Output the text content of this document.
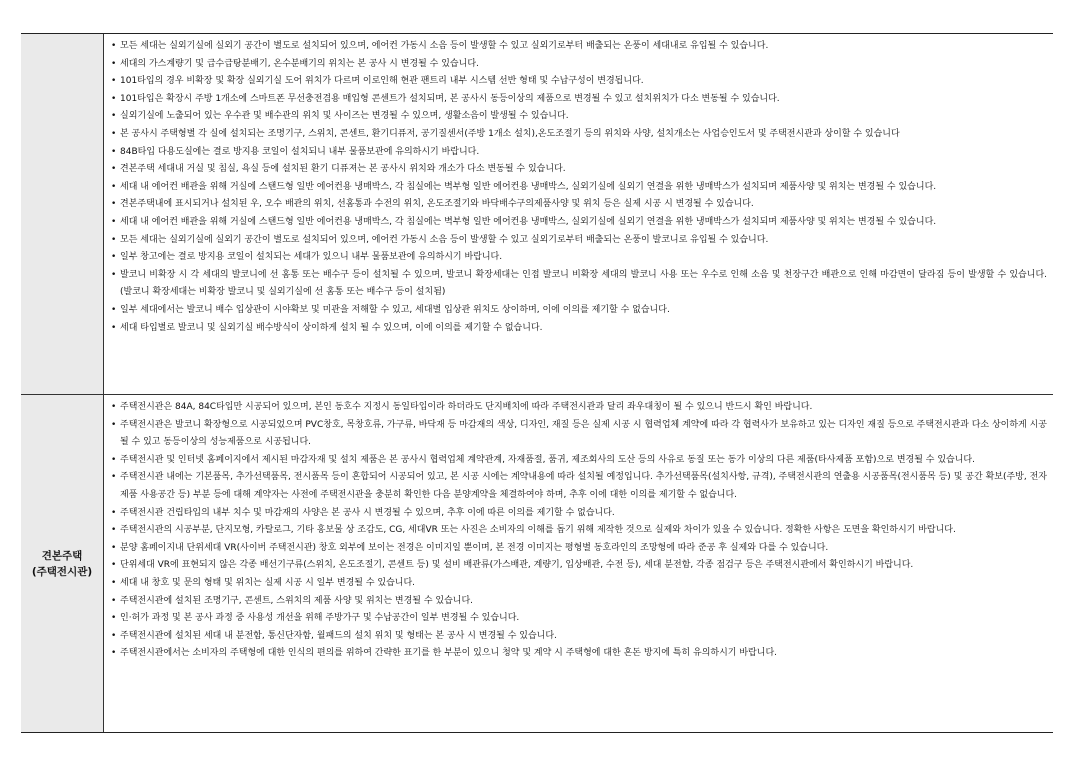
• 모든 세대는 실외기실에 실외기 공간이 별도로 설치되어 있으며, 에어컨 가동시 소음 등이 발생할 수 있고 실외기로부터 배출되는 온풍이 세대내로 유입될 수 있습니다.
• 세대의 가스계량기 및 급수급탕분배기, 온수분배기의 위치는 본 공사 시 변경될 수 있습니다.
• 101타입의 경우 비확장 및 확장 실외기실 도어 위치가 다르며 이로인해 현관 팬트리 내부 시스템 선반 형태 및 수납구성이 변경됩니다.
• 101타입은 확장시 주방 1개소에 스마트폰 무선충전겸용 매입형 콘센트가 설치되며, 본 공사시 동등이상의 제품으로 변경될 수 있고 설치위치가 다소 변동될 수 있습니다.
• 실외기실에 노출되어 있는 우수관 및 배수관의 위치 및 사이즈는 변경될 수 있으며, 생활소음이 발생될 수 있습니다.
• 본 공사시 주택형별 각 실에 설치되는 조명기구, 스위치, 콘센트, 환기디퓨저, 공기질센서(주방 1개소 설치),온도조절기 등의 위치와 사양, 설치개소는 사업승인도서 및 주택전시관과 상이할 수 있습니다
• 84B타입 다용도실에는 결로 방지용 코일이 설치되니 내부 물품보관에 유의하시기 바랍니다.
• 견본주택 세대내 거실 및 침실, 욕실 등에 설치된 환기 디퓨져는 본 공사시 위치와 개소가 다소 변동될 수 있습니다.
• 세대 내 에어컨 배관을 위해 거실에 스탠드형 일반 에어컨용 냉매박스, 각 침실에는 벽부형 일반 에어컨용 냉매박스, 실외기실에 실외기 연결을 위한 냉매박스가 설치되며 제품사양 및 위치는 변경될 수 있습니다.
• 견본주택내에 표시되거나 설치된 우, 오수 배관의 위치, 선홈통과 수전의 위치, 온도조절기와 바닥배수구의제품사양 및 위치 등은 실제 시공 시 변경될 수 있습니다.
• 세대 내 에어컨 배관을 위해 거실에 스탠드형 일반 에어컨용 냉매박스, 각 침실에는 벽부형 일반 에어컨용 냉매박스, 실외기실에 실외기 연결을 위한 냉매박스가 설치되며 제품사양 및 위치는 변경될 수 있습니다.
• 모든 세대는 실외기실에 실외기 공간이 별도로 설치되어 있으며, 에어컨 가동시 소음 등이 발생할 수 있고 실외기로부터 배출되는 온풍이 발코니로 유입될 수 있습니다.
• 일부 창고에는 결로 방지용 코일이 설치되는 세대가 있으니 내부 물품보관에 유의하시기 바랍니다.
• 발코니 비확장 시 각 세대의 발코니에 선 홈통 또는 배수구 등이 설치될 수 있으며, 발코니 확장세대는 인접 발코니 비확장 세대의 발코니 사용 또는 우수로 인해 소음 및 천장구간 배관으로 인해 마감면이 달라짐 등이 발생할 수 있습니다. (발코니 확장세대는 비확장 발코니 및 실외기실에 선 홈통 또는 배수구 등이 설치됨)
• 일부 세대에서는 발코니 배수 입상관이 시야확보 및 미관을 저해할 수 있고, 세대별 입상관 위치도 상이하며, 이에 이의를 제기할 수 없습니다.
• 세대 타입별로 발코니 및 실외기실 배수방식이 상이하게 설치 될 수 있으며, 이에 이의를 제기할 수 없습니다.
견본주택
(주택전시관)
• 주택전시관은 84A, 84C타입만 시공되어 있으며, 본인 동호수 지정시 동일타입이라 하더라도 단지배치에 따라 주택전시관과 달리 좌우대칭이 될 수 있으니 반드시 확인 바랍니다.
• 주택전시관은 발코니 확장형으로 시공되었으며 PVC창호, 목창호류, 가구류, 바닥재 등 마감재의 색상, 디자인, 재질 등은 실제 시공 시 협력업체 계약에 따라 각 협력사가 보유하고 있는 디자인 재질 등으로 주택전시관과 다소 상이하게 시공될 수 있고 동등이상의 성능제품으로 시공됩니다.
• 주택전시관 및 인터넷 홈페이지에서 제시된 마감자재 및 설치 제품은 본 공사시 협력업체 계약관계, 자재품절, 품귀, 제조회사의 도산 등의 사유로 동질 또는 동가 이상의 다른 제품(타사제품 포함)으로 변경될 수 있습니다.
• 주택전시관 내에는 기본품목, 추가선택품목, 전시품목 등이 혼합되어 시공되어 있고, 본 시공 시에는 계약내용에 따라 설치될 예정입니다. 추가선택품목(설치사항, 규격), 주택전시관의 연출용 시공품목(전시품목 등) 및 공간 확보(주방, 전자제품 사용공간 등) 부분 등에 대해 계약자는 사전에 주택전시관을 충분히 확인한 다음 분양계약을 체결하여야 하며, 추후 이에 대한 이의를 제기할 수 없습니다.
• 주택전시관 건립타입의 내부 치수 및 마감재의 사양은 본 공사 시 변경될 수 있으며, 추후 이에 따른 이의를 제기할 수 없습니다.
• 주택전시관의 시공부분, 단지모형, 카탈로그, 기타 홍보물 상 조감도, CG, 세대VR 또는 사진은 소비자의 이해를 돕기 위해 제작한 것으로 실제와 차이가 있을 수 있습니다. 정확한 사항은 도면을 확인하시기 바랍니다.
• 분양 홈페이지내 단위세대 VR(사이버 주택전시관) 창호 외부에 보이는 전경은 이미지일 뿐이며, 본 전경 이미지는 평형별 동호라인의 조망형에 따라 준공 후 실제와 다를 수 있습니다.
• 단위세대 VR에 표현되지 않은 각종 배선기구류(스위치, 온도조절기, 콘센트 등) 및 설비 배관류(가스배관, 계량기, 입상배관, 수전 등), 세대 분전함, 각종 점검구 등은 주택전시관에서 확인하시기 바랍니다.
• 세대 내 창호 및 문의 형태 및 위치는 실제 시공 시 일부 변경될 수 있습니다.
• 주택전시관에 설치된 조명기구, 콘센트, 스위치의 제품 사양 및 위치는 변경될 수 있습니다.
• 인·허가 과정 및 본 공사 과정 중 사용성 개선을 위해 주방가구 및 수납공간이 일부 변경될 수 있습니다.
• 주택전시관에 설치된 세대 내 분전함, 통신단자함, 월패드의 설치 위치 및 형태는 본 공사 시 변경될 수 있습니다.
• 주택전시관에서는 소비자의 주택형에 대한 인식의 편의를 위하여 간략한 표기를 한 부분이 있으니 청약 및 계약 시 주택형에 대한 혼돈 방지에 특히 유의하시기 바랍니다.
